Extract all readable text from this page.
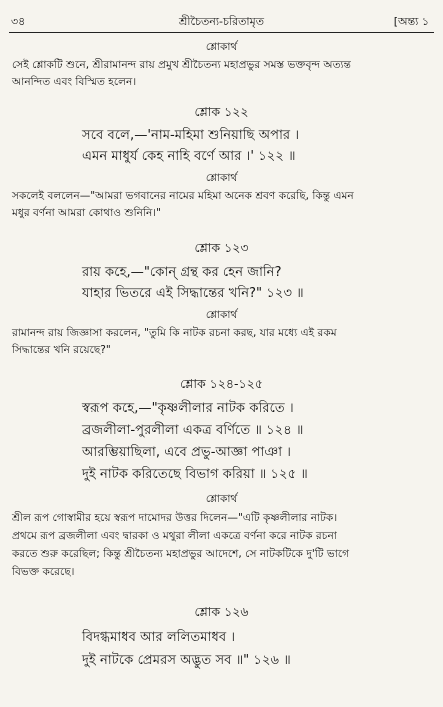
৩৪	শ্রীচৈতন্য-চরিতামৃত	[অন্ত্য ১
শ্লোকার্থ
সেই শ্লোকটি শুনে, শ্রীরামানন্দ রায় প্রমুখ শ্রীচৈতন্য মহাপ্রভুর সমস্ত ভক্তবৃন্দ অত্যন্ত
আনন্দিত এবং বিস্মিত হলেন।
শ্লোক ১২২
সবে বলে,—'নাম-মহিমা শুনিয়াছি অপার ।
এমন মাধুর্য কেহ নাহি বর্ণে আর ।' ১২২ ॥
শ্লোকার্থ
সকলেই বললেন—"আমরা ভগবানের নামের মহিমা অনেক শ্রবণ করেছি, কিন্তু এমন
মধুর বর্ণনা আমরা কোথাও শুনিনি।"
শ্লোক ১২৩
রায় কহে,—"কোন্ গ্রন্থ কর হেন জানি?
যাহার ভিতরে এই সিদ্ধান্তের খনি?" ১২৩ ॥
শ্লোকার্থ
রামানন্দ রায় জিজ্ঞাসা করলেন, "তুমি কি নাটক রচনা করছ, যার মধ্যে এই রকম
সিদ্ধান্তের খনি রয়েছে?"
শ্লোক ১২৪-১২৫
স্বরূপ কহে,—"কৃষ্ণলীলার নাটক করিতে ।
ব্রজলীলা-পুরলীলা একত্র বর্ণিতে ॥ ১২৪ ॥
আরম্ভিয়াছিলা, এবে প্রভু-আজ্ঞা পাঞা ।
দুই নাটক করিতেছে বিভাগ করিয়া ॥ ১২৫ ॥
শ্লোকার্থ
শ্রীল রূপ গোস্বামীর হয়ে স্বরূপ দামোদর উত্তর দিলেন—"এটি কৃষ্ণলীলার নাটক।
প্রথমে রূপ ব্রজলীলা এবং দ্বারকা ও মথুরা লীলা একত্রে বর্ণনা করে নাটক রচনা
করতে শুরু করেছিল; কিন্তু শ্রীচৈতন্য মহাপ্রভুর আদেশে, সে নাটকটিকে দু'টি ভাগে
বিভক্ত করেছে।
শ্লোক ১২৬
বিদগ্ধমাধব আর ললিতমাধব ।
দুই নাটকে প্রেমরস অদ্ভুত সব ॥" ১২৬ ॥
